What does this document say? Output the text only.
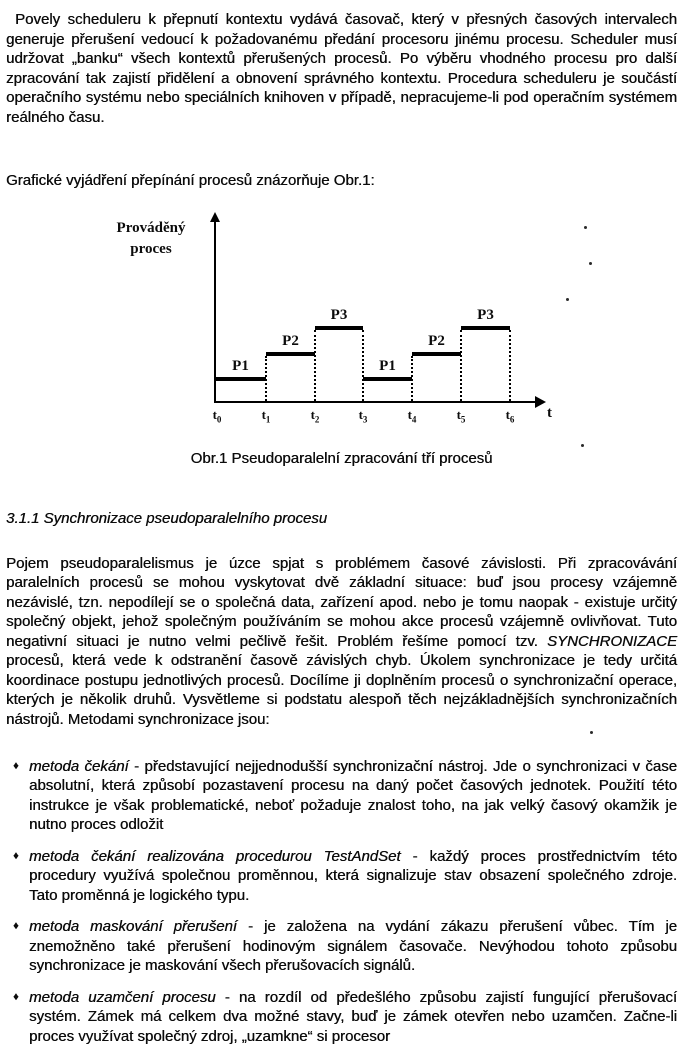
Povely scheduleru k přepnutí kontextu vydává časovač, který v přesných časových intervalech generuje přerušení vedoucí k požadovanému předání procesoru jinému procesu. Scheduler musí udržovat „banku“ všech kontextů přerušených procesů. Po výběru vhodného procesu pro další zpracování tak zajistí přidělení a obnovení správného kontextu. Procedura scheduleru je součástí operačního systému nebo speciálních knihoven v případě, nepracujeme-li pod operačním systémem reálného času.

Grafické vyjádření přepínání procesů znázorňuje Obr.1:

Prováděný proces
t
$t_0$	$t_1$	$t_2$	$t_3$	$t_4$	$t_5$	$t_6$
P1
P2
P3
P1
P2
P3

Obr.1 Pseudoparalelní zpracování tří procesů

3.1.1 Synchronizace pseudoparalelního procesu

Pojem pseudoparalelismus je úzce spjat s problémem časové závislosti. Při zpracovávání paralelních procesů se mohou vyskytovat dvě základní situace: buď jsou procesy vzájemně nezávislé, tzn. nepodílejí se o společná data, zařízení apod. nebo je tomu naopak - existuje určitý společný objekt, jehož společným používáním se mohou akce procesů vzájemně ovlivňovat. Tuto negativní situaci je nutno velmi pečlivě řešit. Problém řešíme pomocí tzv. SYNCHRONIZACE procesů, která vede k odstranění časově závislých chyb. Úkolem synchronizace je tedy určitá koordinace postupu jednotlivých procesů. Docílíme ji doplněním procesů o synchronizační operace, kterých je několik druhů. Vysvětleme si podstatu alespoň těch nejzákladnějších synchronizačních nástrojů. Metodami synchronizace jsou:

♦ metoda čekání - představující nejjednodušší synchronizační nástroj. Jde o synchronizaci v čase absolutní, která způsobí pozastavení procesu na daný počet časových jednotek. Použití této instrukce je však problematické, neboť požaduje znalost toho, na jak velký časový okamžik je nutno proces odložit
♦ metoda čekání realizována procedurou TestAndSet - každý proces prostřednictvím této procedury využívá společnou proměnnou, která signalizuje stav obsazení společného zdroje. Tato proměnná je logického typu.
♦ metoda maskování přerušení - je založena na vydání zákazu přerušení vůbec. Tím je znemožněno také přerušení hodinovým signálem časovače. Nevýhodou tohoto způsobu synchronizace je maskování všech přerušovacích signálů.
♦ metoda uzamčení procesu - na rozdíl od předešlého způsobu zajistí fungující přerušovací systém. Zámek má celkem dva možné stavy, buď je zámek otevřen nebo uzamčen. Začne-li proces využívat společný zdroj, „uzamkne“ si procesor
